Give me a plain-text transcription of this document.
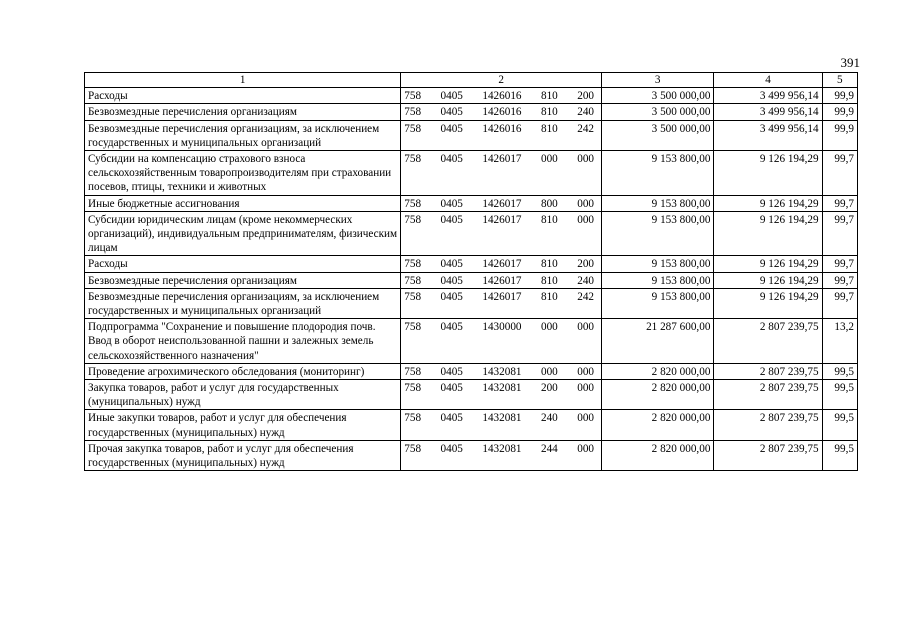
391
1	2	3	4	5
Расходы	758 0405 1426016 810 200	3 500 000,00	3 499 956,14	99,9
Безвозмездные перечисления организациям	758 0405 1426016 810 240	3 500 000,00	3 499 956,14	99,9
Безвозмездные перечисления организациям, за исключением государственных и муниципальных организаций	758 0405 1426016 810 242	3 500 000,00	3 499 956,14	99,9
Субсидии на компенсацию страхового взноса сельскохозяйственным товаропроизводителям при страховании посевов, птицы, техники и животных	758 0405 1426017 000 000	9 153 800,00	9 126 194,29	99,7
Иные бюджетные ассигнования	758 0405 1426017 800 000	9 153 800,00	9 126 194,29	99,7
Субсидии юридическим лицам (кроме некоммерческих организаций), индивидуальным предпринимателям, физическим лицам	758 0405 1426017 810 000	9 153 800,00	9 126 194,29	99,7
Расходы	758 0405 1426017 810 200	9 153 800,00	9 126 194,29	99,7
Безвозмездные перечисления организациям	758 0405 1426017 810 240	9 153 800,00	9 126 194,29	99,7
Безвозмездные перечисления организациям, за исключением государственных и муниципальных организаций	758 0405 1426017 810 242	9 153 800,00	9 126 194,29	99,7
Подпрограмма "Сохранение и повышение плодородия почв. Ввод в оборот неиспользованной пашни и залежных земель сельскохозяйственного назначения"	758 0405 1430000 000 000	21 287 600,00	2 807 239,75	13,2
Проведение агрохимического обследования (мониторинг)	758 0405 1432081 000 000	2 820 000,00	2 807 239,75	99,5
Закупка товаров, работ и услуг для государственных (муниципальных) нужд	758 0405 1432081 200 000	2 820 000,00	2 807 239,75	99,5
Иные закупки товаров, работ и услуг для обеспечения государственных (муниципальных) нужд	758 0405 1432081 240 000	2 820 000,00	2 807 239,75	99,5
Прочая закупка товаров, работ и услуг для обеспечения государственных (муниципальных) нужд	758 0405 1432081 244 000	2 820 000,00	2 807 239,75	99,5
